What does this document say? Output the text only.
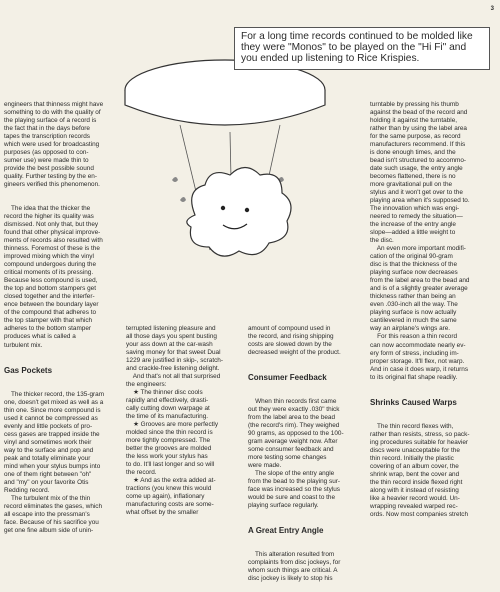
3

For a long time records continued to be molded like they were "Monos" to be played on the "Hi Fi" and you ended up listening to Rice Krispies.

engineers that thinness might have
something to do with the quality of
the playing surface of a record is
the fact that in the days before
tapes the transcription records
which were used for broadcasting
purposes (as opposed to con-
sumer use) were made thin to
provide the best possible sound
quality. Further testing by the en-
gineers verified this phenomenon.

The idea that the thicker the
record the higher its quality was
dismissed. Not only that, but they
found that other physical improve-
ments of records also resulted with
thinness. Foremost of these is the
improved mixing which the vinyl
compound undergoes during the
critical moments of its pressing.
Because less compound is used,
the top and bottom stampers get
closed together and the interfer-
ence between the boundary layer
of the compound that adheres to
the top stamper with that which
adheres to the bottom stamper
produces what is called a
turbulent mix.

Gas Pockets

The thicker record, the 135-gram
one, doesn't get mixed as well as a
thin one. Since more compound is
used it cannot be compressed as
evenly and little pockets of pro-
cess gases are trapped inside the
vinyl and sometimes work their
way to the surface and pop and
peak and totally eliminate your
mind when your stylus bumps into
one of them right between "oh"
and "my" on your favorite Otis
Redding record.
The turbulent mix of the thin
record eliminates the gases, which
all escape into the pressman's
face. Because of his sacrifice you
get one fine album side of unin-

terrupted listening pleasure and
all those days you spent busting
your ass down at the car-wash
saving money for that sweet Dual
1229 are justified in skip-, scratch-
and crackle-free listening delight.
And that's not all that surprised
the engineers:
★ The thinner disc cools
rapidly and effectively, drasti-
cally cutting down warpage at
the time of its manufacturing.
★ Grooves are more perfectly
molded since the thin record is
more tightly compressed. The
better the grooves are molded
the less work your stylus has
to do. It'll last longer and so will
the record.
★ And as the extra added at-
tractions (you knew this would
come up again), inflationary
manufacturing costs are some-
what offset by the smaller

amount of compound used in
the record, and rising shipping
costs are slowed down by the
decreased weight of the product.

Consumer Feedback

When thin records first came
out they were exactly .030" thick
from the label area to the bead
(the record's rim). They weighed
90 grams, as opposed to the 100-
gram average weight now. After
some consumer feedback and
more testing some changes
were made.
The slope of the entry angle
from the bead to the playing sur-
face was increased so the stylus
would be sure and coast to the
playing surface regularly.

A Great Entry Angle

This alteration resulted from
complaints from disc jockeys, for
whom such things are critical. A
disc jockey is likely to stop his

turntable by pressing his thumb
against the bead of the record and
holding it against the turntable,
rather than by using the label area
for the same purpose, as record
manufacturers recommend. If this
is done enough times, and the
bead isn't structured to accommo-
date such usage, the entry angle
becomes flattened, there is no
more gravitational pull on the
stylus and it won't get over to the
playing area when it's supposed to.
The innovation which was engi-
neered to remedy the situation—
the increase of the entry angle
slope—added a little weight to
the disc.
An even more important modifi-
cation of the original 90-gram
disc is that the thickness of the
playing surface now decreases
from the label area to the bead and
and is of a slightly greater average
thickness rather than being an
even .030-inch all the way. The
playing surface is now actually
cantilevered in much the same
way an airplane's wings are.
For this reason a thin record
can now accommodate nearly ev-
ery form of stress, including im-
proper storage. It'll flex, not warp.
And in case it does warp, it returns
to its original flat shape readily.

Shrinks Caused Warps

The thin record flexes with,
rather than resists, stress, so pack-
ing procedures suitable for heavier
discs were unacceptable for the
thin record. Initially the plastic
covering of an album cover, the
shrink wrap, bent the cover and
the thin record inside flexed right
along with it instead of resisting
like a heavier record would. Un-
wrapping revealed warped rec-
ords. Now most companies stretch
